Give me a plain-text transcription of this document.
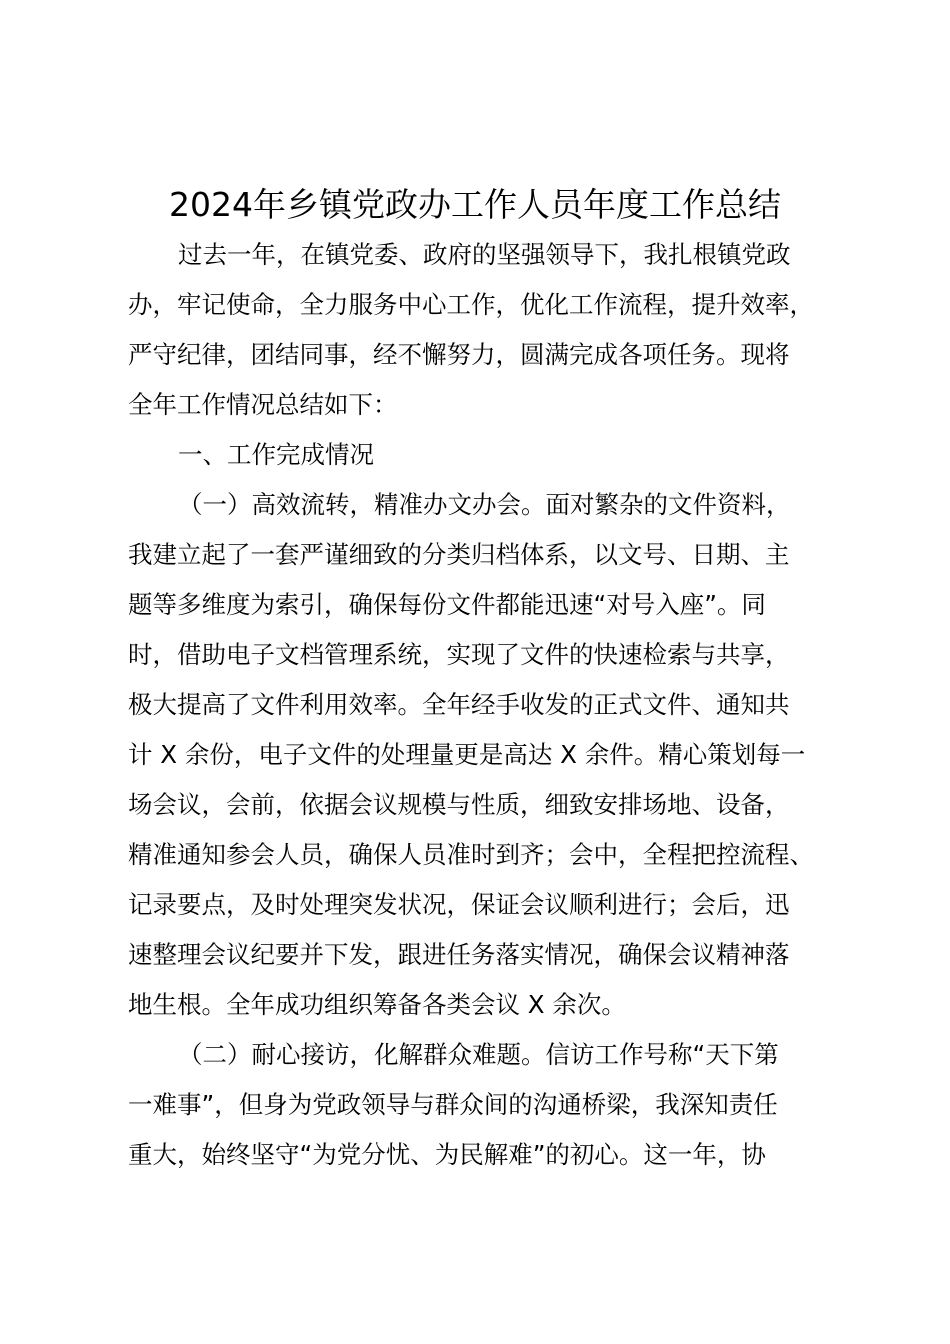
2024年乡镇党政办工作人员年度工作总结
过去一年，在镇党委、政府的坚强领导下，我扎根镇党政
办，牢记使命，全力服务中心工作，优化工作流程，提升效率，
严守纪律，团结同事，经不懈努力，圆满完成各项任务。现将
全年工作情况总结如下：
一、工作完成情况
（一）高效流转，精准办文办会。面对繁杂的文件资料，
我建立起了一套严谨细致的分类归档体系，以文号、日期、主
题等多维度为索引，确保每份文件都能迅速“对号入座”。同
时，借助电子文档管理系统，实现了文件的快速检索与共享，
极大提高了文件利用效率。全年经手收发的正式文件、通知共
计 X 余份，电子文件的处理量更是高达 X 余件。精心策划每一
场会议，会前，依据会议规模与性质，细致安排场地、设备，
精准通知参会人员，确保人员准时到齐；会中，全程把控流程、
记录要点，及时处理突发状况，保证会议顺利进行；会后，迅
速整理会议纪要并下发，跟进任务落实情况，确保会议精神落
地生根。全年成功组织筹备各类会议 X 余次。
（二）耐心接访，化解群众难题。信访工作号称“天下第
一难事”，但身为党政领导与群众间的沟通桥梁，我深知责任
重大，始终坚守“为党分忧、为民解难”的初心。这一年，协
